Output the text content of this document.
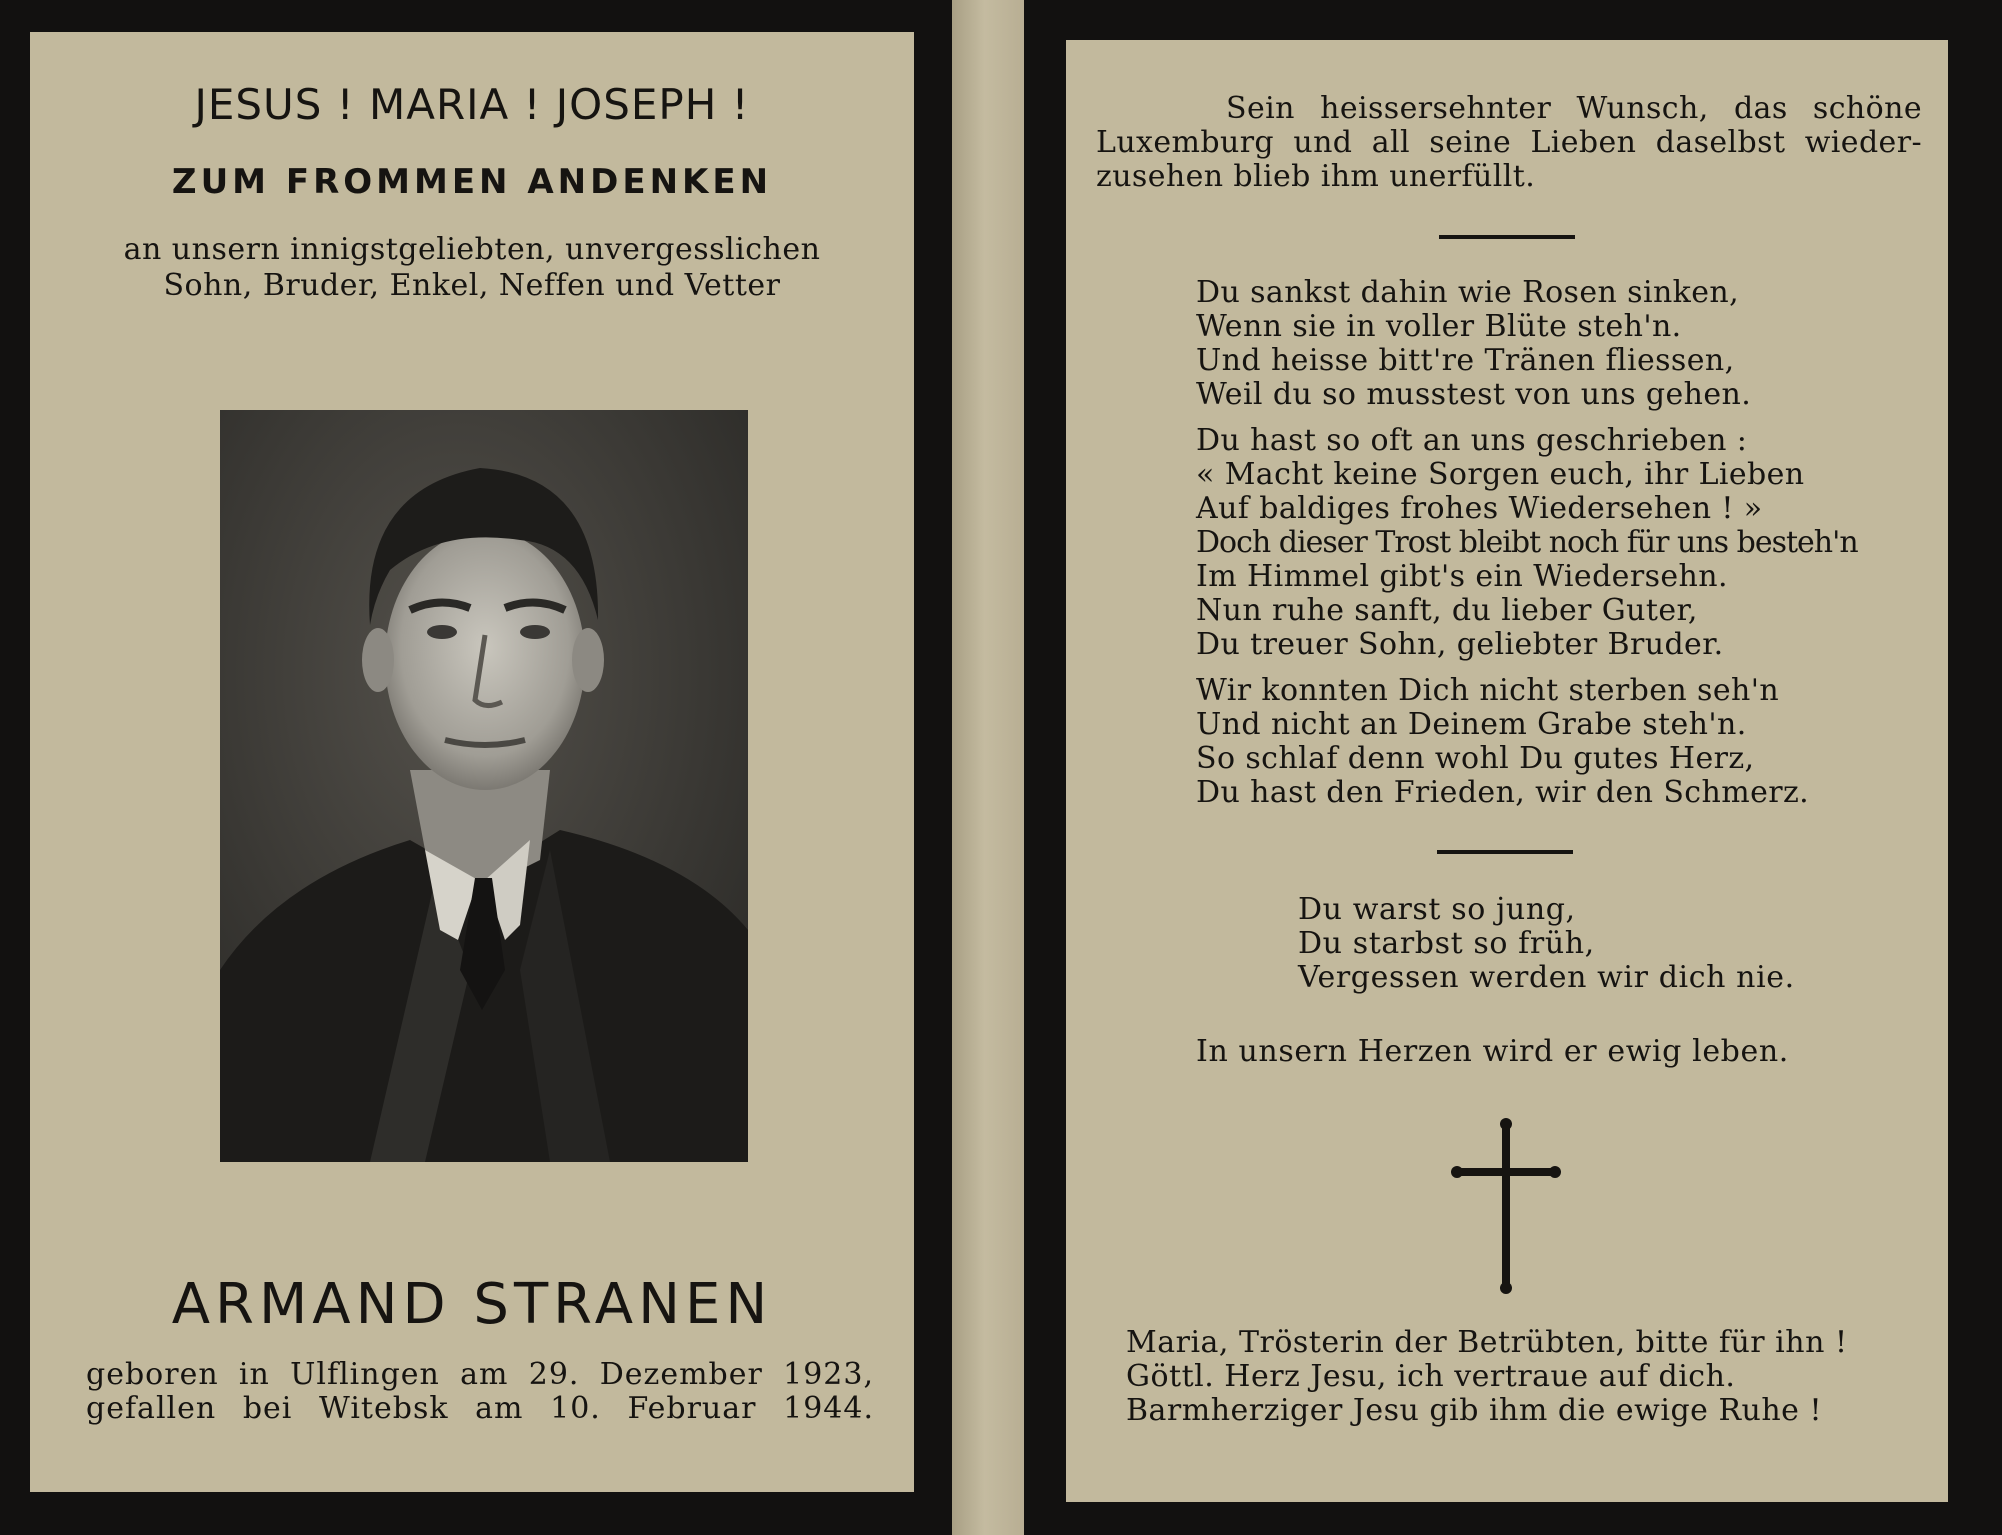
JESUS ! MARIA ! JOSEPH !
ZUM FROMMEN ANDENKEN
an unsern innigstgeliebten, unvergesslichen
Sohn, Bruder, Enkel, Neffen und Vetter
ARMAND STRANEN
geboren in Ulflingen am 29. Dezember 1923,
gefallen bei Witebsk am 10. Februar 1944.
Sein heissersehnter Wunsch, das schöne
Luxemburg und all seine Lieben daselbst wieder-
zusehen blieb ihm unerfüllt.
Du sankst dahin wie Rosen sinken,
Wenn sie in voller Blüte steh'n.
Und heisse bitt're Tränen fliessen,
Weil du so musstest von uns gehen.
Du hast so oft an uns geschrieben :
« Macht keine Sorgen euch, ihr Lieben
Auf baldiges frohes Wiedersehen ! »
Doch dieser Trost bleibt noch für uns besteh'n
Im Himmel gibt's ein Wiedersehn.
Nun ruhe sanft, du lieber Guter,
Du treuer Sohn, geliebter Bruder.
Wir konnten Dich nicht sterben seh'n
Und nicht an Deinem Grabe steh'n.
So schlaf denn wohl Du gutes Herz,
Du hast den Frieden, wir den Schmerz.
Du warst so jung,
Du starbst so früh,
Vergessen werden wir dich nie.
In unsern Herzen wird er ewig leben.
Maria, Trösterin der Betrübten, bitte für ihn !
Göttl. Herz Jesu, ich vertraue auf dich.
Barmherziger Jesu gib ihm die ewige Ruhe !
